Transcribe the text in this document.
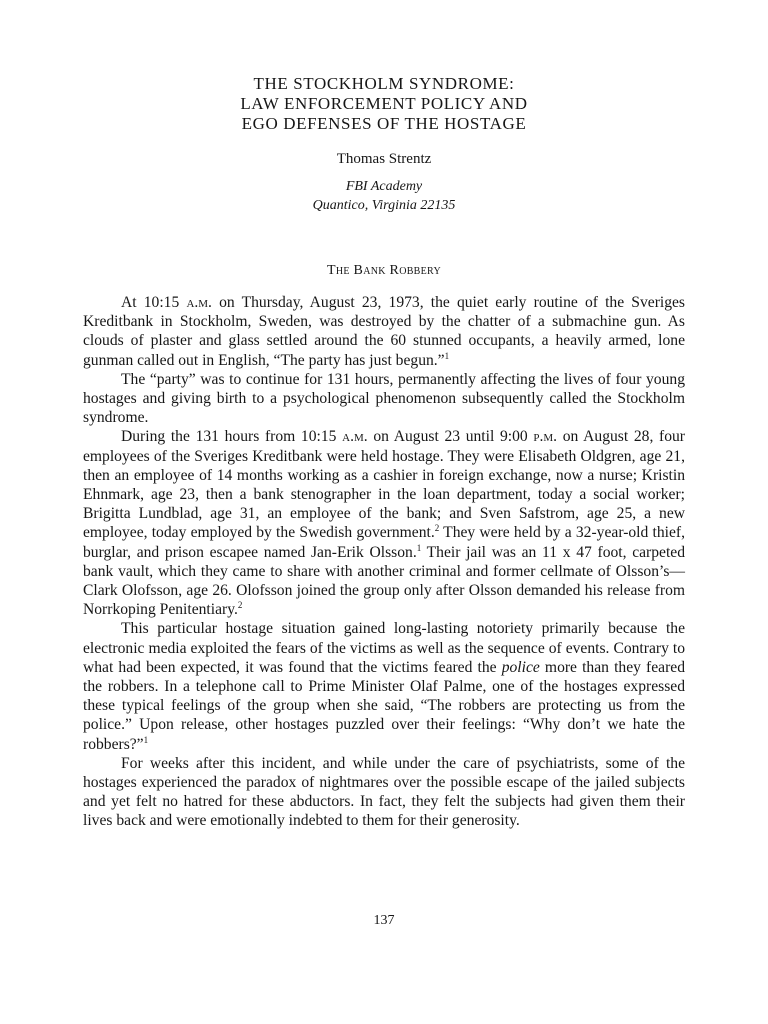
THE STOCKHOLM SYNDROME:
LAW ENFORCEMENT POLICY AND
EGO DEFENSES OF THE HOSTAGE
Thomas Strentz
FBI Academy
Quantico, Virginia 22135
The Bank Robbery

At 10:15 a.m. on Thursday, August 23, 1973, the quiet early routine of the Sveriges Kreditbank in Stockholm, Sweden, was destroyed by the chatter of a submachine gun. As clouds of plaster and glass settled around the 60 stunned occupants, a heavily armed, lone gunman called out in English, “The party has just begun.”$^1$

The “party” was to continue for 131 hours, permanently affecting the lives of four young hostages and giving birth to a psychological phenomenon subsequently called the Stockholm syndrome.

During the 131 hours from 10:15 a.m. on August 23 until 9:00 p.m. on August 28, four employees of the Sveriges Kreditbank were held hostage. They were Elisabeth Oldgren, age 21, then an employee of 14 months working as a cashier in foreign exchange, now a nurse; Kristin Ehnmark, age 23, then a bank stenographer in the loan department, today a social worker; Brigitta Lundblad, age 31, an employee of the bank; and Sven Safstrom, age 25, a new employee, today employed by the Swedish government.$^2$ They were held by a 32-year-old thief, burglar, and prison escapee named Jan-Erik Olsson.$^1$ Their jail was an 11 x 47 foot, carpeted bank vault, which they came to share with another criminal and former cellmate of Olsson’s—Clark Olofsson, age 26. Olofsson joined the group only after Olsson demanded his release from Norrkoping Penitentiary.$^2$

This particular hostage situation gained long-lasting notoriety primarily because the electronic media exploited the fears of the victims as well as the sequence of events. Contrary to what had been expected, it was found that the victims feared the police more than they feared the robbers. In a telephone call to Prime Minister Olaf Palme, one of the hostages expressed these typical feelings of the group when she said, “The robbers are protecting us from the police.” Upon release, other hostages puzzled over their feelings: “Why don’t we hate the robbers?”$^1$

For weeks after this incident, and while under the care of psychiatrists, some of the hostages experienced the paradox of nightmares over the possible escape of the jailed subjects and yet felt no hatred for these abductors. In fact, they felt the subjects had given them their lives back and were emotionally indebted to them for their generosity.

137
